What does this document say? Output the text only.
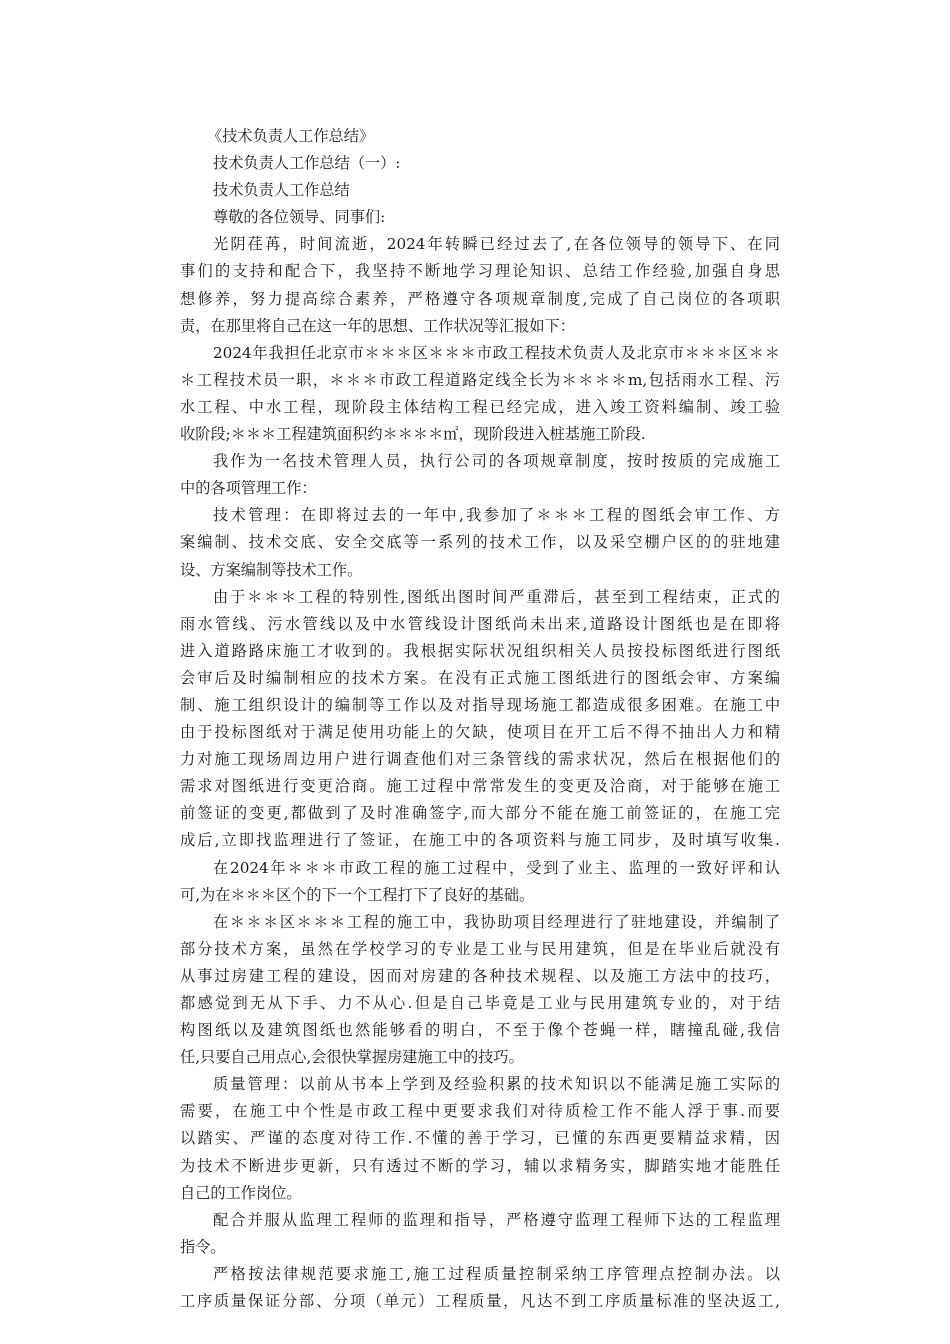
《技术负责人工作总结》

技术负责人工作总结（一）:

技术负责人工作总结

尊敬的各位领导、同事们:

光阴荏苒，时间流逝，2024年转瞬已经过去了,在各位领导的领导下、在同

事们的支持和配合下，我坚持不断地学习理论知识、总结工作经验,加强自身思

想修养，努力提高综合素养，严格遵守各项规章制度,完成了自己岗位的各项职

责，在那里将自己在这一年的思想、工作状况等汇报如下：

2024年我担任北京市＊＊＊区＊＊＊市政工程技术负责人及北京市＊＊＊区＊＊

＊工程技术员一职，＊＊＊市政工程道路定线全长为＊＊＊＊m,包括雨水工程、污

水工程、中水工程，现阶段主体结构工程已经完成，进入竣工资料编制、竣工验

收阶段;＊＊＊工程建筑面积约＊＊＊＊㎡，现阶段进入桩基施工阶段.

我作为一名技术管理人员，执行公司的各项规章制度，按时按质的完成施工

中的各项管理工作：

技术管理：在即将过去的一年中,我参加了＊＊＊工程的图纸会审工作、方

案编制、技术交底、安全交底等一系列的技术工作，以及采空棚户区的的驻地建

设、方案编制等技术工作。

由于＊＊＊工程的特别性,图纸出图时间严重滞后，甚至到工程结束，正式的

雨水管线、污水管线以及中水管线设计图纸尚未出来,道路设计图纸也是在即将

进入道路路床施工才收到的。我根据实际状况组织相关人员按投标图纸进行图纸

会审后及时编制相应的技术方案。在没有正式施工图纸进行的图纸会审、方案编

制、施工组织设计的编制等工作以及对指导现场施工都造成很多困难。在施工中

由于投标图纸对于满足使用功能上的欠缺，使项目在开工后不得不抽出人力和精

力对施工现场周边用户进行调查他们对三条管线的需求状况，然后在根据他们的

需求对图纸进行变更洽商。施工过程中常常发生的变更及洽商，对于能够在施工

前签证的变更,都做到了及时准确签字,而大部分不能在施工前签证的，在施工完

成后,立即找监理进行了签证，在施工中的各项资料与施工同步，及时填写收集.

在2024年＊＊＊市政工程的施工过程中，受到了业主、监理的一致好评和认

可,为在＊＊＊区个的下一个工程打下了良好的基础。

在＊＊＊区＊＊＊工程的施工中，我协助项目经理进行了驻地建设，并编制了

部分技术方案，虽然在学校学习的专业是工业与民用建筑，但是在毕业后就没有

从事过房建工程的建设，因而对房建的各种技术规程、以及施工方法中的技巧，

都感觉到无从下手、力不从心.但是自己毕竟是工业与民用建筑专业的，对于结

构图纸以及建筑图纸也然能够看的明白，不至于像个苍蝇一样，瞎撞乱碰,我信

任,只要自己用点心,会很快掌握房建施工中的技巧。

质量管理：以前从书本上学到及经验积累的技术知识以不能满足施工实际的

需要，在施工中个性是市政工程中更要求我们对待质检工作不能人浮于事.而要

以踏实、严谨的态度对待工作.不懂的善于学习，已懂的东西更要精益求精，因

为技术不断进步更新，只有透过不断的学习，辅以求精务实，脚踏实地才能胜任

自己的工作岗位。

配合并服从监理工程师的监理和指导，严格遵守监理工程师下达的工程监理

指令。

严格按法律规范要求施工,施工过程质量控制采纳工序管理点控制办法。以

工序质量保证分部、分项（单元）工程质量，凡达不到工序质量标准的坚决返工,
